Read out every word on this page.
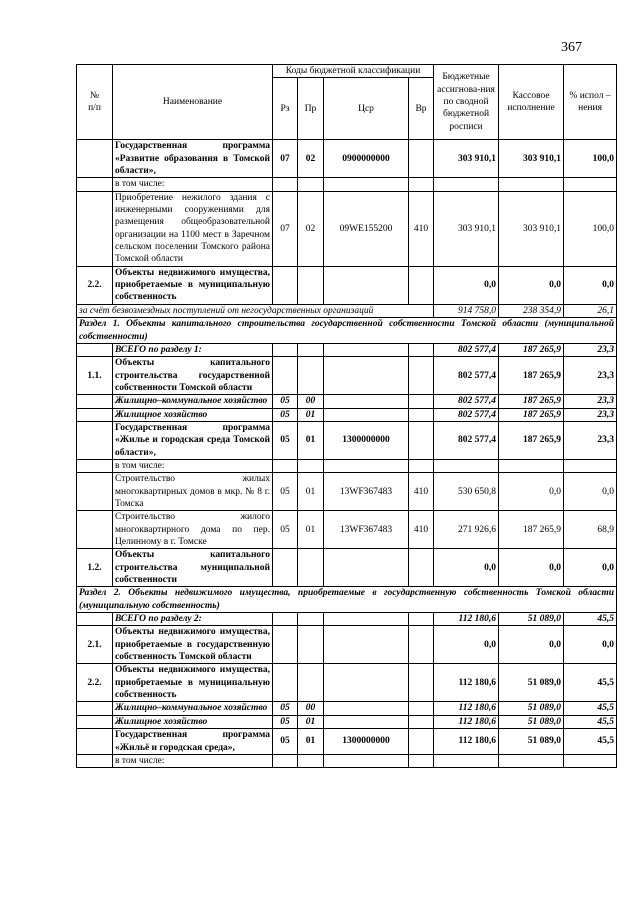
367
№
п/п	Наименование	Коды бюджетной классификации				Бюджетные ассигнова-ния по сводной бюджетной росписи	Кассовое исполнение	% испол – нения
		Рз	Пр	Цср	Вр			
	Государственная программа «Развитие образования в Томской области»,	07	02	0900000000		303 910,1	303 910,1	100,0
	в том числе:							
	Приобретение нежилого здания с инженерными сооружениями для размещения общеобразовательной организации на 1100 мест в Заречном сельском поселении Томского района Томской области	07	02	09WE155200	410	303 910,1	303 910,1	100,0
2.2.	Объекты недвижимого имущества, приобретаемые в муниципальную собственность					0,0	0,0	0,0
за счёт безвозмездных поступлений от негосударственных организаций						914 758,0	238 354,9	26,1
Раздел 1. Объекты капитального строительства государственной собственности Томской области (муниципальной собственности)								
	ВСЕГО по разделу 1:					802 577,4	187 265,9	23,3
1.1.	Объекты капитального строительства государственной собственности Томской области					802 577,4	187 265,9	23,3
	Жилищно–коммунальное хозяйство	05	00			802 577,4	187 265,9	23,3
	Жилищное хозяйство	05	01			802 577,4	187 265,9	23,3
	Государственная программа «Жилье и городская среда Томской области»,	05	01	1300000000		802 577,4	187 265,9	23,3
	в том числе:							
	Строительство жилых многоквартирных домов в мкр. № 8 г. Томска	05	01	13WF367483	410	530 650,8	0,0	0,0
	Строительство жилого многоквартирного дома по пер. Целинному в г. Томске	05	01	13WF367483	410	271 926,6	187 265,9	68,9
1.2.	Объекты капитального строительства муниципальной собственности					0,0	0,0	0,0
Раздел 2. Объекты недвижимого имущества, приобретаемые в государственную собственность Томской области (муниципальную собственность)								
	ВСЕГО по разделу 2:					112 180,6	51 089,0	45,5
2.1.	Объекты недвижимого имущества, приобретаемые в государственную собственность Томской области					0,0	0,0	0,0
2.2.	Объекты недвижимого имущества, приобретаемые в муниципальную собственность					112 180,6	51 089,0	45,5
	Жилищно–коммунальное хозяйство	05	00			112 180,6	51 089,0	45,5
	Жилищное хозяйство	05	01			112 180,6	51 089,0	45,5
	Государственная программа «Жильё и городская среда»,	05	01	1300000000		112 180,6	51 089,0	45,5
	в том числе:							
